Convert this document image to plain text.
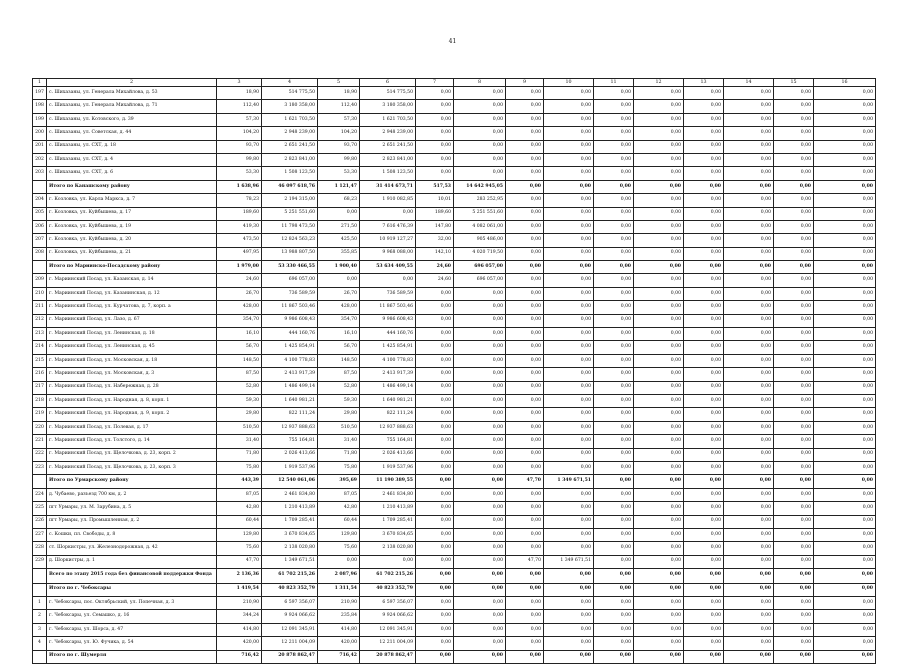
41
1	2	3	4	5	6	7	8	9	10	11	12	13	14	15	16
197	с. Шихазаны, ул. Генерала Михайлова, д. 53	18,90	514 775,50	18,90	514 775,50	0,00	0,00	0,00	0,00	0,00	0,00	0,00	0,00	0,00	0,00
198	с. Шихазаны, ул. Генерала Михайлова, д. 71	112,40	3 180 358,00	112,40	3 180 358,00	0,00	0,00	0,00	0,00	0,00	0,00	0,00	0,00	0,00	0,00
199	с. Шихазаны, ул. Котовского, д. 39	57,30	1 621 703,50	57,30	1 621 703,50	0,00	0,00	0,00	0,00	0,00	0,00	0,00	0,00	0,00	0,00
200	с. Шихазаны, ул. Советская, д. 44	104,20	2 948 239,00	104,20	2 948 239,00	0,00	0,00	0,00	0,00	0,00	0,00	0,00	0,00	0,00	0,00
201	с. Шихазаны, ул. СХТ, д. 18	93,70	2 651 241,50	93,70	2 651 241,50	0,00	0,00	0,00	0,00	0,00	0,00	0,00	0,00	0,00	0,00
202	с. Шихазаны, ул. СХТ, д. 4	99,80	2 823 841,00	99,80	2 823 841,00	0,00	0,00	0,00	0,00	0,00	0,00	0,00	0,00	0,00	0,00
203	с. Шихазаны, ул. СХТ, д. 6	53,30	1 508 123,50	53,30	1 508 123,50	0,00	0,00	0,00	0,00	0,00	0,00	0,00	0,00	0,00	0,00
	Итого по Канашскому району	1 638,96	46 097 618,76	1 121,47	31 414 673,71	517,53	14 642 945,05	0,00	0,00	0,00	0,00	0,00	0,00	0,00	0,00
204	г. Козловка, ул. Карла Маркса, д. 7	78,23	2 194 315,00	68,23	1 910 082,85	10,01	283 252,95	0,00	0,00	0,00	0,00	0,00	0,00	0,00	0,00
205	г. Козловка, ул. Куйбышева, д. 17	189,60	5 251 551,60	0,00	0,00	189,60	5 251 551,60	0,00	0,00	0,00	0,00	0,00	0,00	0,00	0,00
206	г. Козловка, ул. Куйбышева, д. 19	419,30	11 798 473,50	271,50	7 616 476,39	147,80	4 082 061,00	0,00	0,00	0,00	0,00	0,00	0,00	0,00	0,00
207	г. Козловка, ул. Куйбышева, д. 20	473,50	12 824 563,23	425,50	10 919 127,27	32,00	905 486,00	0,00	0,00	0,00	0,00	0,00	0,00	0,00	0,00
208	г. Козловка, ул. Куйбышева, д. 21	497,95	13 988 807,50	355,85	9 968 088,00	142,10	4 020 719,50	0,00	0,00	0,00	0,00	0,00	0,00	0,00	0,00
	Итого по Мариинско-Посадскому району	1 979,00	53 330 466,55	1 900,40	53 634 409,55	24,60	696 057,00	0,00	0,00	0,00	0,00	0,00	0,00	0,00	0,00
209	г. Мариинский Посад, ул. Казанская, д. 14	24,60	696 057,00	0,00	0,00	24,60	696 057,00	0,00	0,00	0,00	0,00	0,00	0,00	0,00	0,00
210	г. Мариинский Посад, ул. Казанинская, д. 12	26,70	736 589,59	26,70	736 589,59	0,00	0,00	0,00	0,00	0,00	0,00	0,00	0,00	0,00	0,00
211	г. Мариинский Посад, ул. Курчатова, д. 7, корп. а	428,00	11 867 503,46	428,00	11 867 503,46	0,00	0,00	0,00	0,00	0,00	0,00	0,00	0,00	0,00	0,00
212	г. Мариинский Посад, ул. Лазо, д. 67	354,70	9 986 608,43	354,70	9 986 608,43	0,00	0,00	0,00	0,00	0,00	0,00	0,00	0,00	0,00	0,00
213	г. Мариинский Посад, ул. Ленинская, д. 18	16,10	444 160,76	16,10	444 160,76	0,00	0,00	0,00	0,00	0,00	0,00	0,00	0,00	0,00	0,00
214	г. Мариинский Посад, ул. Ленинская, д. 45	56,70	1 425 854,91	56,70	1 425 854,91	0,00	0,00	0,00	0,00	0,00	0,00	0,00	0,00	0,00	0,00
215	г. Мариинский Посад, ул. Московская, д. 18	148,50	4 100 778,83	148,50	4 100 778,83	0,00	0,00	0,00	0,00	0,00	0,00	0,00	0,00	0,00	0,00
216	г. Мариинский Посад, ул. Московская, д. 3	87,50	2 413 917,39	87,50	2 413 917,39	0,00	0,00	0,00	0,00	0,00	0,00	0,00	0,00	0,00	0,00
217	г. Мариинский Посад, ул. Набережная, д. 28	52,80	1 486 499,14	52,80	1 486 499,14	0,00	0,00	0,00	0,00	0,00	0,00	0,00	0,00	0,00	0,00
218	г. Мариинский Посад, ул. Народная, д. 8, корп. 1	59,30	1 640 981,21	59,30	1 640 981,21	0,00	0,00	0,00	0,00	0,00	0,00	0,00	0,00	0,00	0,00
219	г. Мариинский Посад, ул. Народная, д. 9, корп. 2	29,80	822 111,24	29,80	822 111,24	0,00	0,00	0,00	0,00	0,00	0,00	0,00	0,00	0,00	0,00
220	г. Мариинский Посад, ул. Полевая, д. 17	510,50	12 937 888,63	510,50	12 937 888,63	0,00	0,00	0,00	0,00	0,00	0,00	0,00	0,00	0,00	0,00
221	г. Мариинский Посад, ул. Толстого, д. 14	31,40	755 164,81	31,40	755 164,81	0,00	0,00	0,00	0,00	0,00	0,00	0,00	0,00	0,00	0,00
222	г. Мариинский Посад, ул. Щелочкова, д. 23, корп. 2	71,80	2 026 413,66	71,80	2 026 413,66	0,00	0,00	0,00	0,00	0,00	0,00	0,00	0,00	0,00	0,00
223	г. Мариинский Посад, ул. Щелочкова, д. 23, корп. 3	75,80	1 919 537,96	75,80	1 919 537,96	0,00	0,00	0,00	0,00	0,00	0,00	0,00	0,00	0,00	0,00
	Итого по Урмарскому району	443,39	12 540 061,06	395,69	11 190 389,55	0,00	0,00	47,70	1 349 671,51	0,00	0,00	0,00	0,00	0,00	0,00
224	д. Чубаево, разъезд 700 км, д. 2	87,05	2 461 834,80	87,05	2 461 834,80	0,00	0,00	0,00	0,00	0,00	0,00	0,00	0,00	0,00	0,00
225	пгт Урмары, ул. М. Зарубина, д. 5	42,80	1 210 413,89	42,80	1 210 413,89	0,00	0,00	0,00	0,00	0,00	0,00	0,00	0,00	0,00	0,00
226	пгт Урмары, ул. Промышленная, д. 2	60,44	1 709 285,41	60,44	1 709 285,41	0,00	0,00	0,00	0,00	0,00	0,00	0,00	0,00	0,00	0,00
227	с. Кошки, пл. Свободы, д. 8	129,80	3 670 834,65	129,80	3 670 834,65	0,00	0,00	0,00	0,00	0,00	0,00	0,00	0,00	0,00	0,00
228	ст. Шоркистры, ул. Железнодорожная, д. 42	75,60	2 138 020,80	75,60	2 138 020,80	0,00	0,00	0,00	0,00	0,00	0,00	0,00	0,00	0,00	0,00
229	д. Шоркистры, д. 1	47,70	1 349 671,51	0,00	0,00	0,00	0,00	47,70	1 349 671,51	0,00	0,00	0,00	0,00	0,00	0,00
	Всего по этапу 2015 года без финансовой поддержки Фонда	2 136,36	61 702 215,26	2 087,96	61 702 215,26	0,00	0,00	0,00	0,00	0,00	0,00	0,00	0,00	0,00	0,00
	Итого по г. Чебоксары	1 419,54	40 823 352,79	1 311,54	40 823 352,79	0,00	0,00	0,00	0,00	0,00	0,00	0,00	0,00	0,00	0,00
1	г. Чебоксары, пос. Октябрьский, ул. Попечная, д. 3	210,90	6 597 356,07	210,90	6 597 356,07	0,00	0,00	0,00	0,00	0,00	0,00	0,00	0,00	0,00	0,00
2	г. Чебоксары, ул. Семашко, д. 16	344,24	9 924 066,62	235,84	9 924 066,62	0,00	0,00	0,00	0,00	0,00	0,00	0,00	0,00	0,00	0,00
3	г. Чебоксары, ул. Шорса, д. 47	414,80	12 091 345,91	414,80	12 091 345,91	0,00	0,00	0,00	0,00	0,00	0,00	0,00	0,00	0,00	0,00
4	г. Чебоксары, ул. Ю. Фучика, д. 54	420,00	12 211 004,09	420,00	12 211 004,09	0,00	0,00	0,00	0,00	0,00	0,00	0,00	0,00	0,00	0,00
	Итого по г. Шумерля	716,42	20 878 862,47	716,42	20 878 862,47	0,00	0,00	0,00	0,00	0,00	0,00	0,00	0,00	0,00	0,00
